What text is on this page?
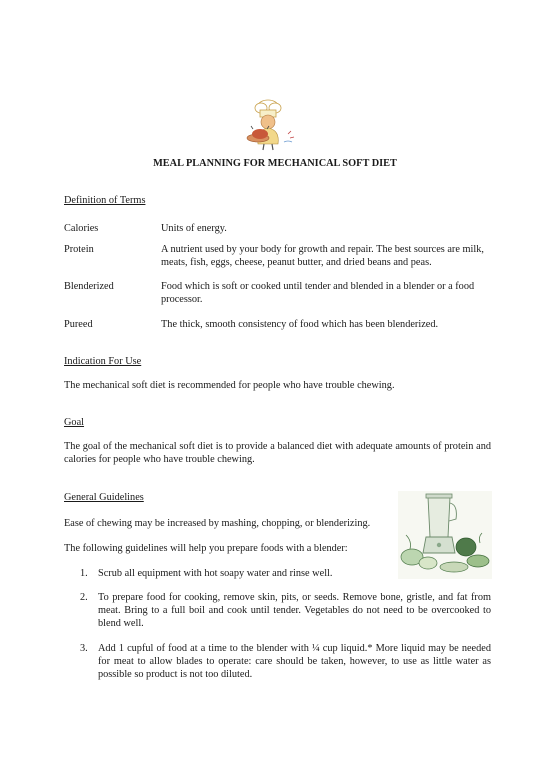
MEAL PLANNING FOR MECHANICAL SOFT DIET
Definition of Terms
Calories	Units of energy.
Protein	A nutrient used by your body for growth and repair. The best sources are milk, meats, fish, eggs, cheese, peanut butter, and dried beans and peas.
Blenderized	Food which is soft or cooked until tender and blended in a blender or a food processor.
Pureed	The thick, smooth consistency of food which has been blenderized.
Indication For Use
The mechanical soft diet is recommended for people who have trouble chewing.
Goal
The goal of the mechanical soft diet is to provide a balanced diet with adequate amounts of protein and calories for people who have trouble chewing.
General Guidelines
Ease of chewing may be increased by mashing, chopping, or blenderizing.
The following guidelines will help you prepare foods with a blender:
1. Scrub all equipment with hot soapy water and rinse well.
2. To prepare food for cooking, remove skin, pits, or seeds. Remove bone, gristle, and fat from meat. Bring to a full boil and cook until tender. Vegetables do not need to be overcooked to blend well.
3. Add 1 cupful of food at a time to the blender with ¼ cup liquid.* More liquid may be needed for meat to allow blades to operate: care should be taken, however, to use as little water as possible so product is not too diluted.
